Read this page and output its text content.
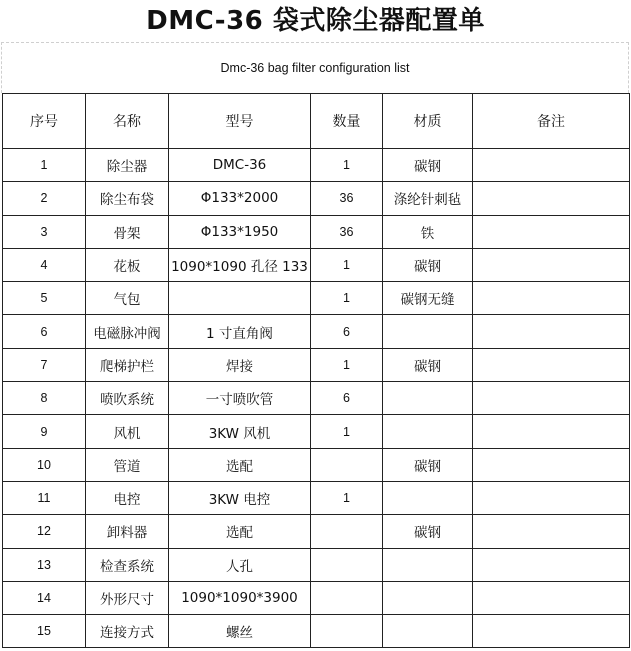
DMC-36 袋式除尘器配置单
Dmc-36 bag filter configuration list
序号	名称	型号	数量	材质	备注
1	除尘器	DMC-36	1	碳钢	
2	除尘布袋	Φ133*2000	36	涤纶针刺毡	
3	骨架	Φ133*1950	36	铁	
4	花板	1090*1090 孔径 133	1	碳钢	
5	气包		1	碳钢无缝	
6	电磁脉冲阀	1 寸直角阀	6		
7	爬梯护栏	焊接	1	碳钢	
8	喷吹系统	一寸喷吹管	6		
9	风机	3KW 风机	1		
10	管道	选配		碳钢	
11	电控	3KW 电控	1		
12	卸料器	选配		碳钢	
13	检查系统	人孔			
14	外形尺寸	1090*1090*3900			
15	连接方式	螺丝			
